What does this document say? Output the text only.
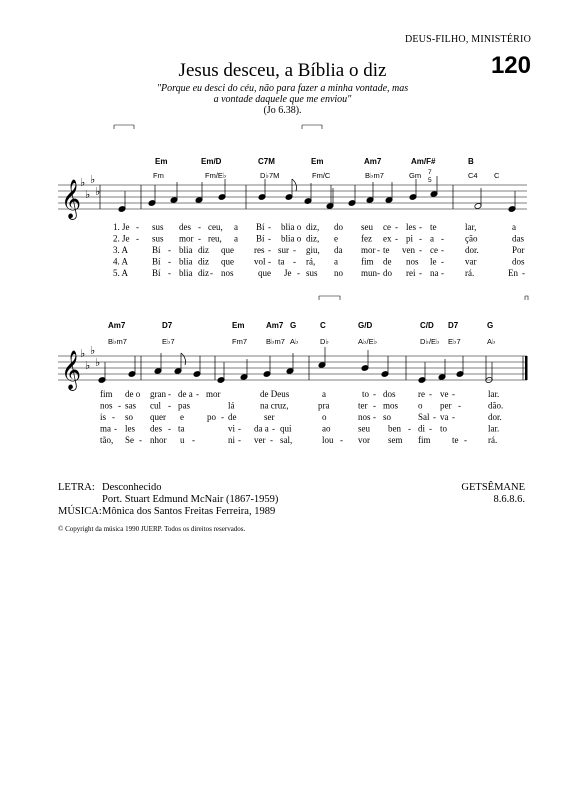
DEUS-FILHO, MINISTÉRIO
120
Jesus desceu, a Bíblia o diz
"Porque eu desci do céu, não para fazer a minha vontade, mas
a vontade daquele que me enviou"
(Jo 6.38).
𝄞
♭
♭
♭
♭
Em	Em/D	C7M	Em	Am7	Am/F#	B
Fm	Fm/E♭	D♭7M	Fm/C	B♭m7	Gm	C4 C
1. Je - sus des - ceu, a Bí - blia o diz, do seu ce - les - te	lar,	a
2. Je - sus mor - reu, a Bí - blia o diz, e	fez ex - pi - a - ção	das
3. A	Bí - blia diz que res - sur - giu, da mor - te ven - ce - dor.	Por
4. A	Bí - blia diz que vol - ta - rá, a	fim de nos le - var	dos
5. A	Bí - blia diz - nos	que Je - sus no mun - do rei - na - rá.	En -
7
5
𝄞
♭
♭
♭
♭
Am7	D7	Em	Am7 G	C	G/D	C/D D7	G
B♭m7	E♭7	Fm7	B♭m7 A♭	D♭	A♭/E♭	D♭/E♭ E♭7	A♭
fim de o gran - de a - mor	de Deus	a	to - dos re - ve -	lar.
nos - sas cul - pas	lá	na cruz,	pra	ter - mos o per -	dão.
is - so quer e	po - de	ser	o	nos - so	Sal - va -	dor.
ma - les des - ta	vi - da a - qui	ao	seu ben - di - to	lar.
tão, Se - nhor u -	ni - ver - sal,	lou - vor sem fim te - rá.
LETRA:	Desconhecido
	Port. Stuart Edmund McNair (1867-1959)
MÚSICA:	Mônica dos Santos Freitas Ferreira, 1989
GETSÊMANE
8.6.8.6.
© Copyright da música 1990 JUERP. Todos os direitos reservados.
